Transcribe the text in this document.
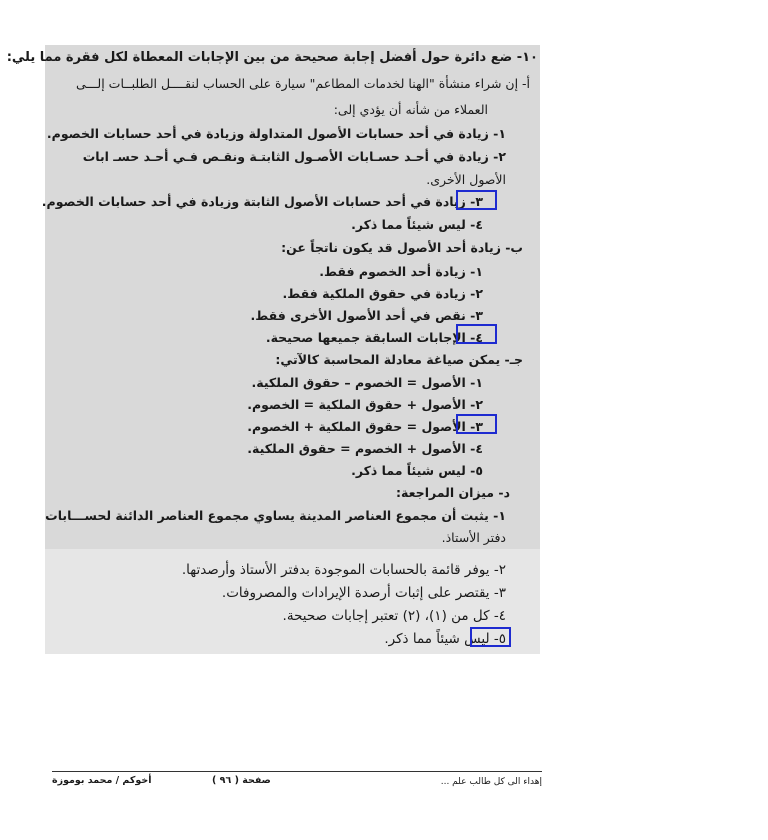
١٠- ضع دائرة حول أفضل إجابة صحيحة من بين الإجابات المعطاة لكل فقرة مما يلي:
أ- إن شراء منشأة "الهنا لخدمات المطاعم" سيارة على الحساب لنقــــل الطلبــات إلـــى
العملاء من شأنه أن يؤدي إلى:
١- زيادة في أحد حسابات الأصول المتداولة وزيادة في أحد حسابات الخصوم.
٢- زيادة في أحـد حسـابات الأصـول الثابتـة ونقـص فـي أحـد حسـ ابات
الأصول الأخرى.
٣- زيادة في أحد حسابات الأصول الثابتة وزيادة في أحد حسابات الخصوم.
٤- ليس شيئاً مما ذكر.
ب- زيادة أحد الأصول قد يكون ناتجاً عن:
١- زيادة أحد الخصوم فقط.
٢- زيادة في حقوق الملكية فقط.
٣- نقص في أحد الأصول الأخرى فقط.
٤- الإجابات السابقة جميعها صحيحة.
جـ- يمكن صياغة معادلة المحاسبة كالآتي:
١- الأصول = الخصوم – حقوق الملكية.
٢- الأصول + حقوق الملكية = الخصوم.
٣- الأصول = حقوق الملكية + الخصوم.
٤- الأصول + الخصوم = حقوق الملكية.
٥- ليس شيئاً مما ذكر.
د- ميزان المراجعة:
١- يثبت أن مجموع العناصر المدينة يساوي مجموع العناصر الدائنة لحســـابات
دفتر الأستاذ.
٢- يوفر قائمة بالحسابات الموجودة بدفتر الأستاذ وأرصدتها.
٣- يقتصر على إثبات أرصدة الإيرادات والمصروفات.
٤- كل من (١)، (٢) تعتبر إجابات صحيحة.
٥- ليس شيئاً مما ذكر.
إهداء الى كل طالب علم ...
صفحة ( ٩٦ )
أخوكم / محمد بوموزة
